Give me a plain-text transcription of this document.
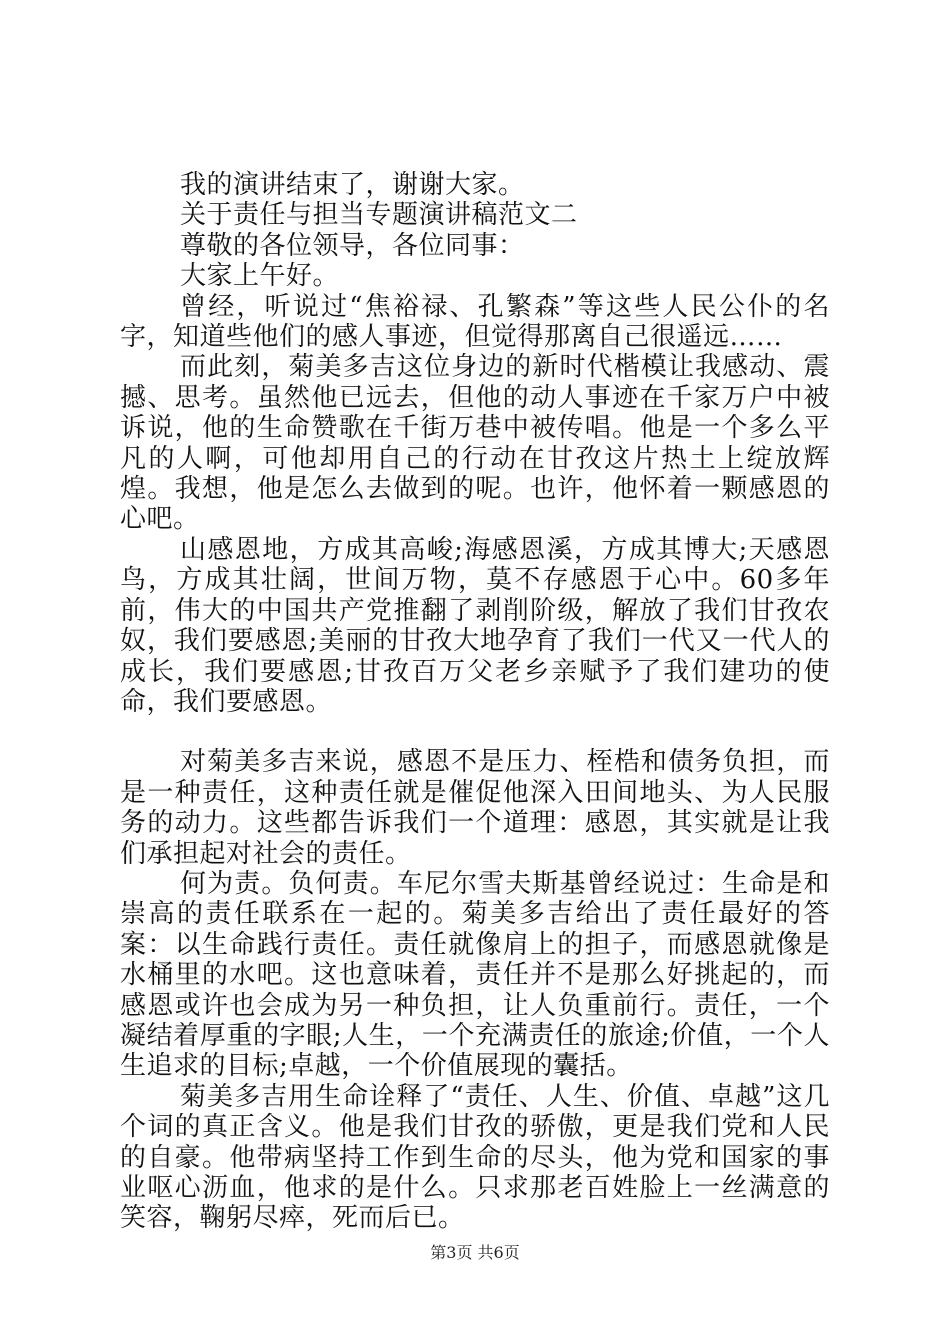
我的演讲结束了，谢谢大家。

关于责任与担当专题演讲稿范文二

尊敬的各位领导，各位同事：

大家上午好。

曾经，听说过“焦裕禄、孔繁森”等这些人民公仆的名字，知道些他们的感人事迹，但觉得那离自己很遥远……

而此刻，菊美多吉这位身边的新时代楷模让我感动、震撼、思考。虽然他已远去，但他的动人事迹在千家万户中被诉说，他的生命赞歌在千街万巷中被传唱。他是一个多么平凡的人啊，可他却用自己的行动在甘孜这片热土上绽放辉煌。我想，他是怎么去做到的呢。也许，他怀着一颗感恩的心吧。

山感恩地，方成其高峻;海感恩溪，方成其博大;天感恩鸟，方成其壮阔，世间万物，莫不存感恩于心中。60多年前，伟大的中国共产党推翻了剥削阶级，解放了我们甘孜农奴，我们要感恩;美丽的甘孜大地孕育了我们一代又一代人的成长，我们要感恩;甘孜百万父老乡亲赋予了我们建功的使命，我们要感恩。

对菊美多吉来说，感恩不是压力、桎梏和债务负担，而是一种责任，这种责任就是催促他深入田间地头、为人民服务的动力。这些都告诉我们一个道理：感恩，其实就是让我们承担起对社会的责任。

何为责。负何责。车尼尔雪夫斯基曾经说过：生命是和崇高的责任联系在一起的。菊美多吉给出了责任最好的答案：以生命践行责任。责任就像肩上的担子，而感恩就像是水桶里的水吧。这也意味着，责任并不是那么好挑起的，而感恩或许也会成为另一种负担，让人负重前行。责任，一个凝结着厚重的字眼;人生，一个充满责任的旅途;价值，一个人生追求的目标;卓越，一个价值展现的囊括。

菊美多吉用生命诠释了“责任、人生、价值、卓越”这几个词的真正含义。他是我们甘孜的骄傲，更是我们党和人民的自豪。他带病坚持工作到生命的尽头，他为党和国家的事业呕心沥血，他求的是什么。只求那老百姓脸上一丝满意的笑容，鞠躬尽瘁，死而后已。

第3页 共6页
